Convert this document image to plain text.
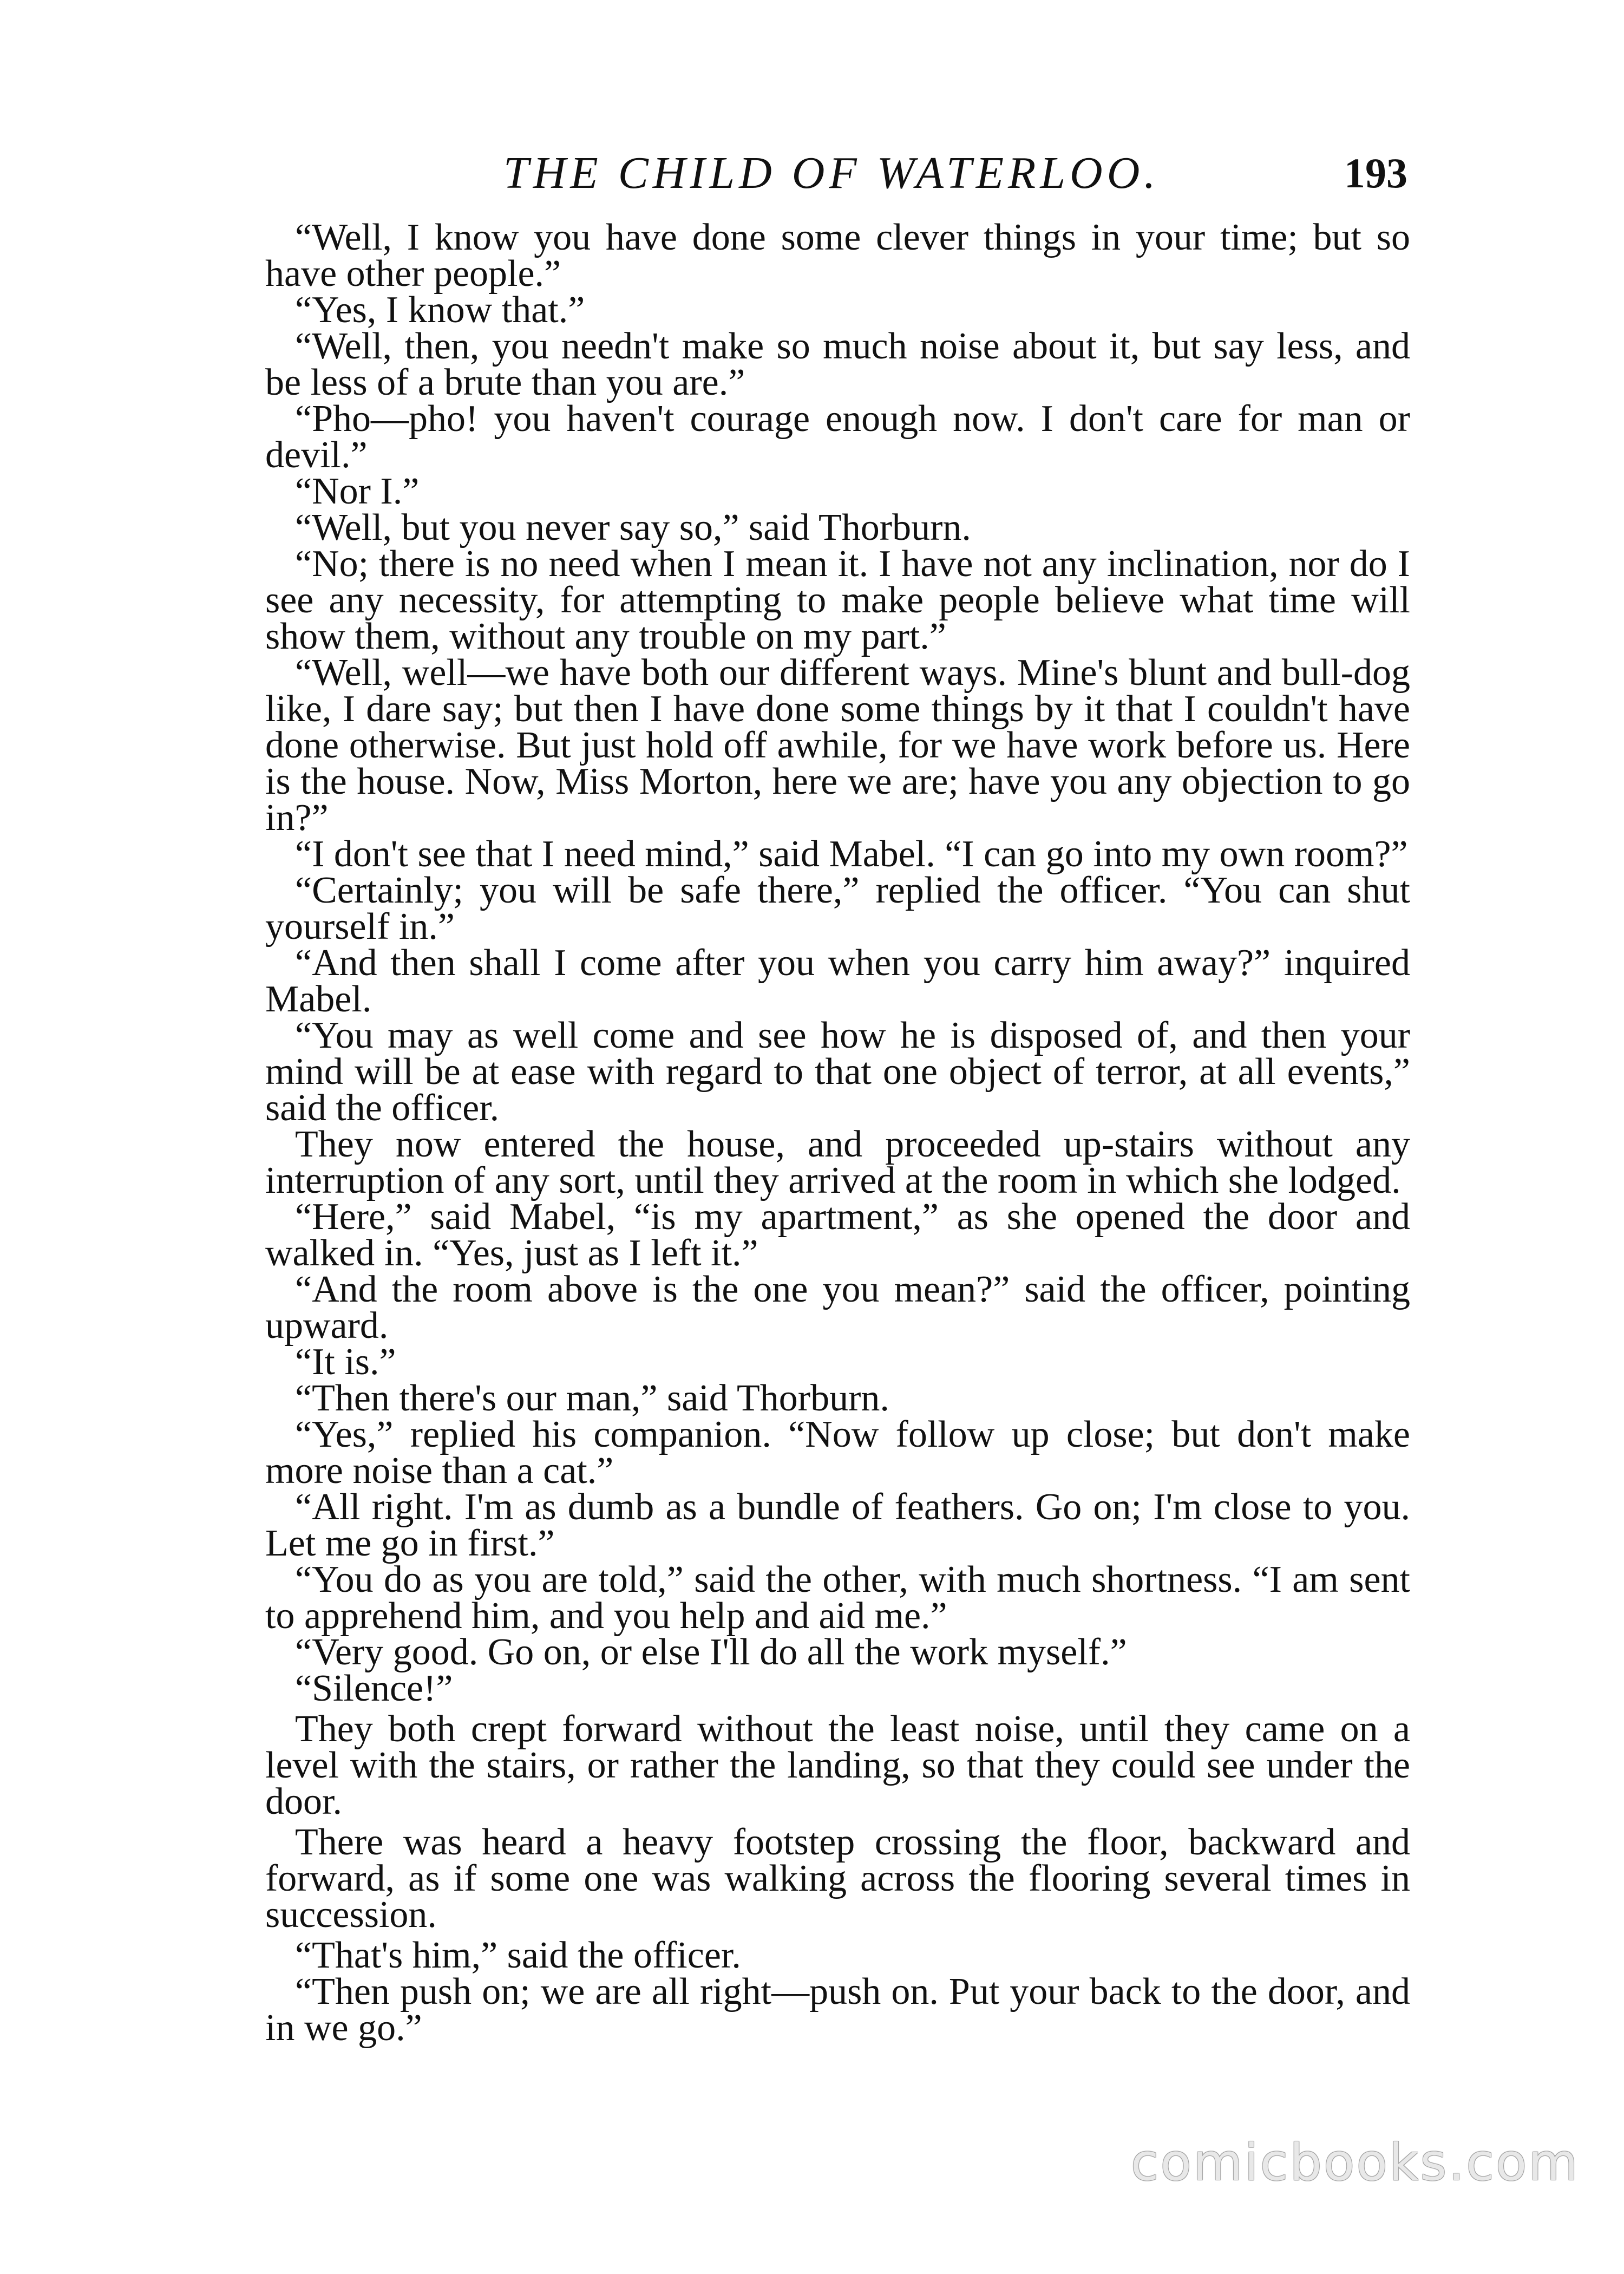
THE CHILD OF WATERLOO.	193

“Well, I know you have done some clever things in your time; but so have other people.”

“Yes, I know that.”

“Well, then, you needn't make so much noise about it, but say less, and be less of a brute than you are.”

“Pho—pho! you haven't courage enough now. I don't care for man or devil.”

“Nor I.”

“Well, but you never say so,” said Thorburn.

“No; there is no need when I mean it. I have not any inclination, nor do I see any necessity, for attempting to make people believe what time will show them, without any trouble on my part.”

“Well, well—we have both our different ways. Mine's blunt and bull-dog like, I dare say; but then I have done some things by it that I couldn't have done otherwise. But just hold off awhile, for we have work before us. Here is the house. Now, Miss Morton, here we are; have you any objection to go in?”

“I don't see that I need mind,” said Mabel. “I can go into my own room?”

“Certainly; you will be safe there,” replied the officer. “You can shut yourself in.”

“And then shall I come after you when you carry him away?” inquired Mabel.

“You may as well come and see how he is disposed of, and then your mind will be at ease with regard to that one object of terror, at all events,” said the officer.

They now entered the house, and proceeded up-stairs without any interruption of any sort, until they arrived at the room in which she lodged.

“Here,” said Mabel, “is my apartment,” as she opened the door and walked in. “Yes, just as I left it.”

“And the room above is the one you mean?” said the officer, pointing upward.

“It is.”

“Then there's our man,” said Thorburn.

“Yes,” replied his companion. “Now follow up close; but don't make more noise than a cat.”

“All right. I'm as dumb as a bundle of feathers. Go on; I'm close to you. Let me go in first.”

“You do as you are told,” said the other, with much shortness. “I am sent to apprehend him, and you help and aid me.”

“Very good. Go on, or else I'll do all the work myself.”

“Silence!”

They both crept forward without the least noise, until they came on a level with the stairs, or rather the landing, so that they could see under the door.

There was heard a heavy footstep crossing the floor, backward and forward, as if some one was walking across the flooring several times in succession.

“That's him,” said the officer.

“Then push on; we are all right—push on. Put your back to the door, and in we go.”

comicbooks.com
